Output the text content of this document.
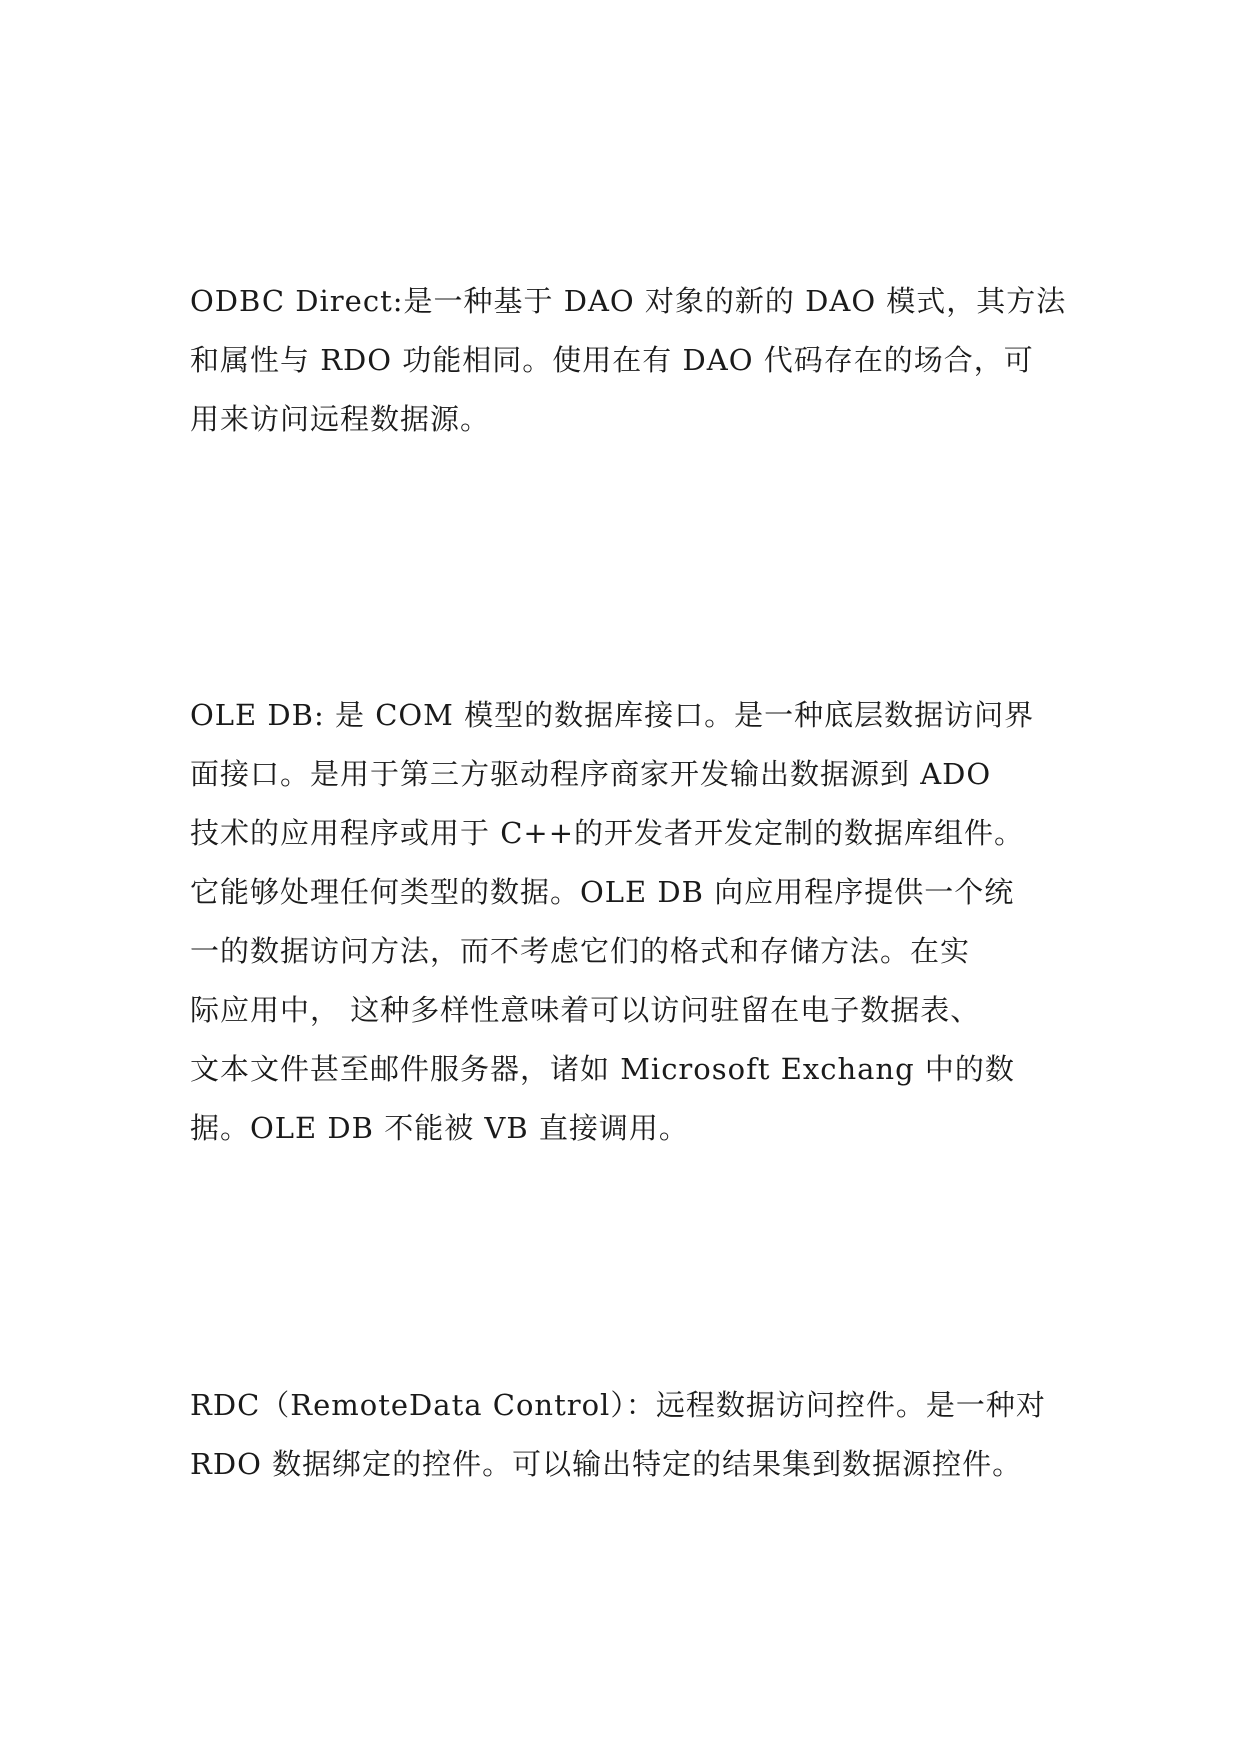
ODBC Direct:是一种基于 DAO 对象的新的 DAO 模式，其方法
和属性与 RDO 功能相同。使用在有 DAO 代码存在的场合，可
用来访问远程数据源。
OLE DB: 是 COM 模型的数据库接口。是一种底层数据访问界
面接口。是用于第三方驱动程序商家开发输出数据源到 ADO
技术的应用程序或用于 C++的开发者开发定制的数据库组件。
它能够处理任何类型的数据。OLE DB 向应用程序提供一个统
一的数据访问方法，而不考虑它们的格式和存储方法。在实
际应用中， 这种多样性意味着可以访问驻留在电子数据表、
文本文件甚至邮件服务器，诸如 Microsoft Exchang 中的数
据。OLE DB 不能被 VB 直接调用。
RDC（RemoteData Control）：远程数据访问控件。是一种对
RDO 数据绑定的控件。可以输出特定的结果集到数据源控件。
